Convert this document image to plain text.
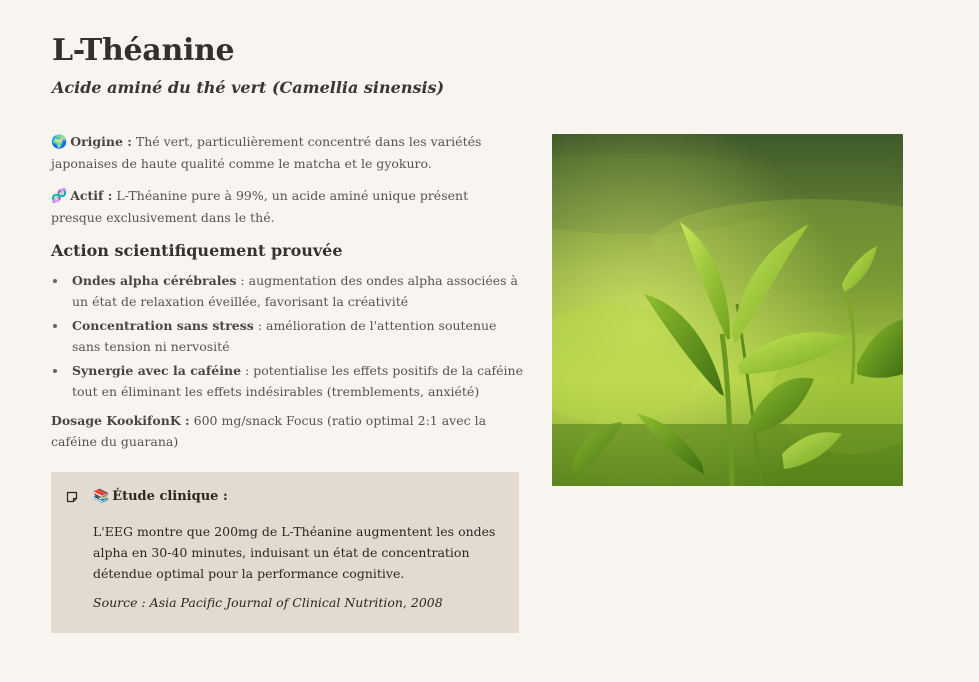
L-Théanine
Acide aminé du thé vert (Camellia sinensis)

🌍 Origine : Thé vert, particulièrement concentré dans les variétés japonaises de haute qualité comme le matcha et le gyokuro.

🧬 Actif : L-Théanine pure à 99%, un acide aminé unique présent presque exclusivement dans le thé.

Action scientifiquement prouvée
Ondes alpha cérébrales : augmentation des ondes alpha associées à un état de relaxation éveillée, favorisant la créativité
Concentration sans stress : amélioration de l'attention soutenue sans tension ni nervosité
Synergie avec la caféine : potentialise les effets positifs de la caféine tout en éliminant les effets indésirables (tremblements, anxiété)

Dosage KookifonK : 600 mg/snack Focus (ratio optimal 2:1 avec la caféine du guarana)

📚 Étude clinique :
L'EEG montre que 200mg de L-Théanine augmentent les ondes alpha en 30-40 minutes, induisant un état de concentration détendue optimal pour la performance cognitive.
Source : Asia Pacific Journal of Clinical Nutrition, 2008
